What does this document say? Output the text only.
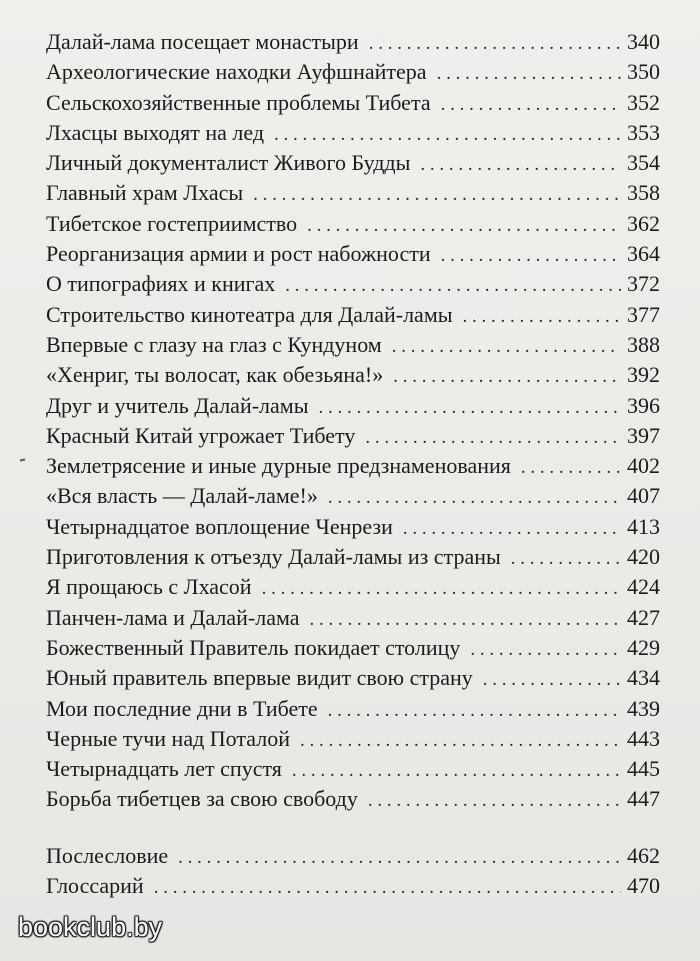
Далай-лама посещает монастыри . . .	340
Археологические находки Ауфшнайтера . . .	350
Сельскохозяйственные проблемы Тибета . . .	352
Лхасцы выходят на лед . . .	353
Личный документалист Живого Будды . . .	354
Главный храм Лхасы . . .	358
Тибетское гостеприимство . . .	362
Реорганизация армии и рост набожности . . .	364
О типографиях и книгах . . .	372
Строительство кинотеатра для Далай-ламы . . .	377
Впервые с глазу на глаз с Кундуном . . .	388
«Хенриг, ты волосат, как обезьяна!» . . .	392
Друг и учитель Далай-ламы . . .	396
Красный Китай угрожает Тибету . . .	397
Землетрясение и иные дурные предзнаменования . . .	402
«Вся власть — Далай-ламе!» . . .	407
Четырнадцатое воплощение Ченрези . . .	413
Приготовления к отъезду Далай-ламы из страны . . .	420
Я прощаюсь с Лхасой . . .	424
Панчен-лама и Далай-лама . . .	427
Божественный Правитель покидает столицу . . .	429
Юный правитель впервые видит свою страну . . .	434
Мои последние дни в Тибете . . .	439
Черные тучи над Поталой . . .	443
Четырнадцать лет спустя . . .	445
Борьба тибетцев за свою свободу . . .	447
Послесловие . . .	462
Глоссарий . . .	470
bookclub.by
